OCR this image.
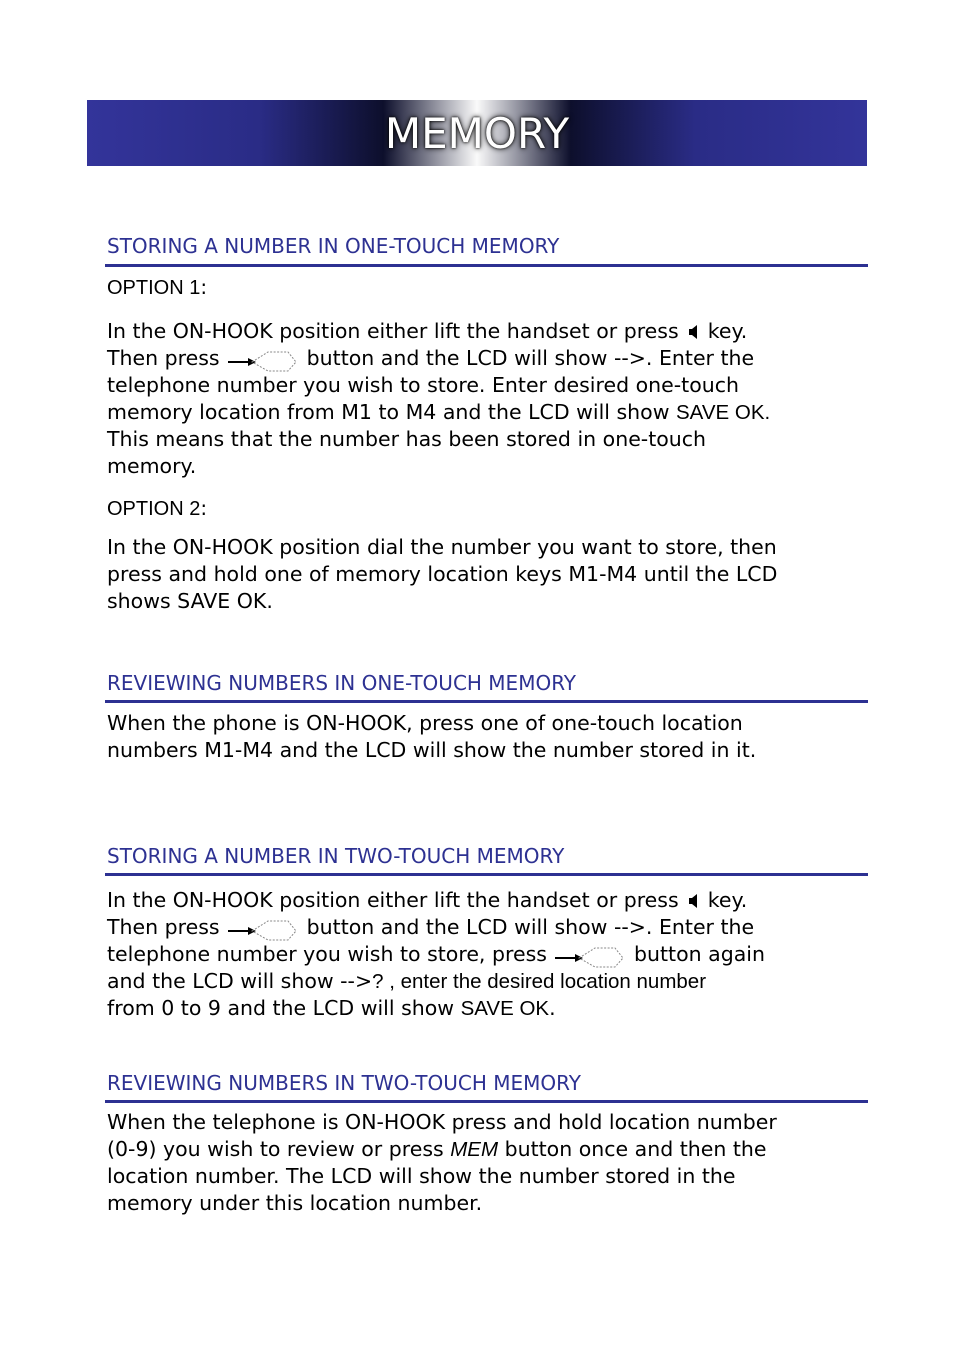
MEMORY
STORING A NUMBER IN ONE-TOUCH MEMORY
OPTION 1:
In the ON-HOOK position either lift the handset or press key.
Then press	button and the LCD will show -->. Enter the
telephone number you wish to store. Enter desired one-touch
memory location from M1 to M4 and the LCD will show SAVE OK.
This means that the number has been stored in one-touch
memory.
OPTION 2:
In the ON-HOOK position dial the number you want to store, then
press and hold one of memory location keys M1-M4 until the LCD
shows SAVE OK.
REVIEWING NUMBERS IN ONE-TOUCH MEMORY
When the phone is ON-HOOK, press one of one-touch location
numbers M1-M4 and the LCD will show the number stored in it.
STORING A NUMBER IN TWO-TOUCH MEMORY
In the ON-HOOK position either lift the handset or press key.
Then press	button and the LCD will show -->. Enter the
telephone number you wish to store, press	button again
and the LCD will show -->? , enter the desired location number
from 0 to 9 and the LCD will show SAVE OK.
REVIEWING NUMBERS IN TWO-TOUCH MEMORY
When the telephone is ON-HOOK press and hold location number
(0-9) you wish to review or press MEM button once and then the
location number. The LCD will show the number stored in the
memory under this location number.
